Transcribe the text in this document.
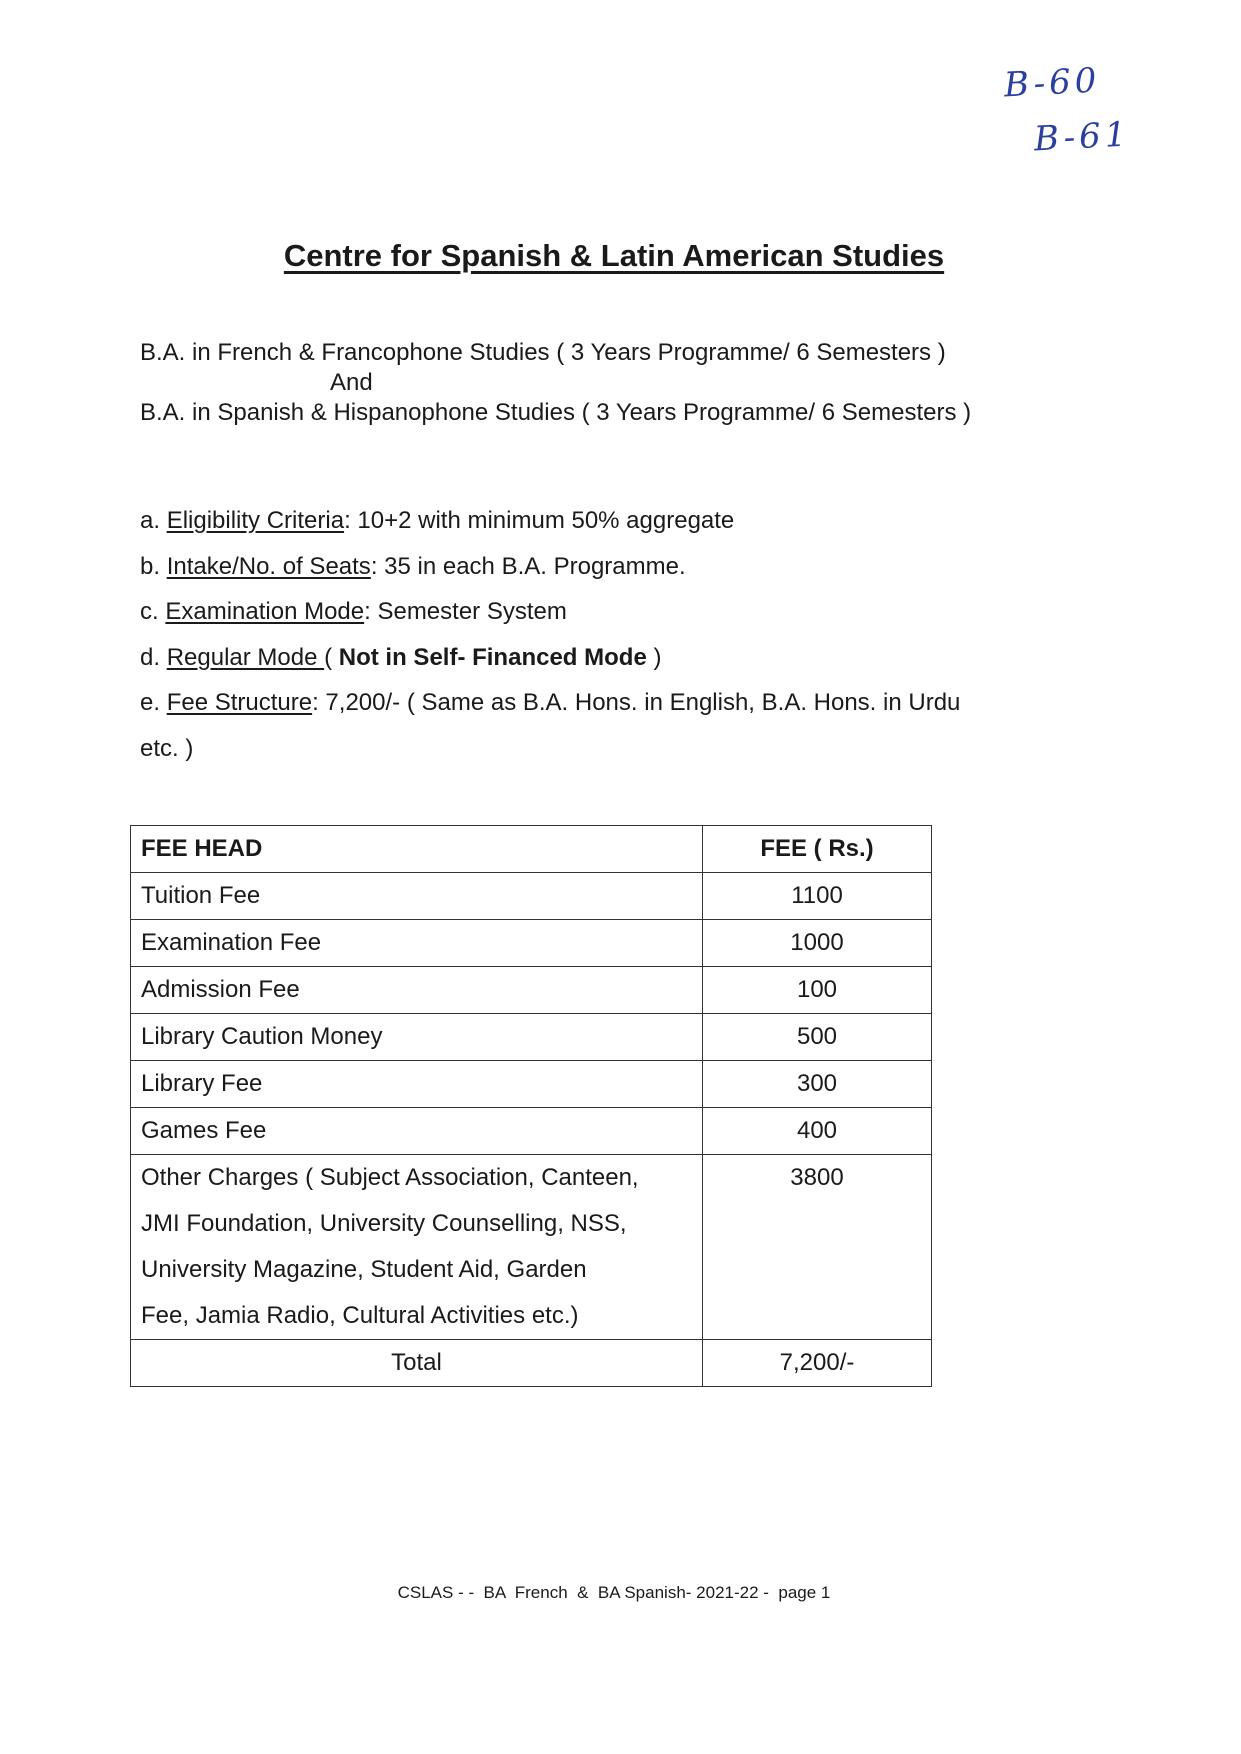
B-60
B-61
Centre for Spanish & Latin American Studies
B.A. in French & Francophone Studies ( 3 Years Programme/ 6 Semesters )
And
B.A. in Spanish & Hispanophone Studies ( 3 Years Programme/ 6 Semesters )
a. Eligibility Criteria: 10+2 with minimum 50% aggregate
b. Intake/No. of Seats: 35 in each B.A. Programme.
c. Examination Mode: Semester System
d. Regular Mode ( Not in Self- Financed Mode )
e. Fee Structure: 7,200/- ( Same as B.A. Hons. in English, B.A. Hons. in Urdu
etc. )
FEE HEAD	FEE ( Rs.)
Tuition Fee	1100
Examination Fee	1000
Admission Fee	100
Library Caution Money	500
Library Fee	300
Games Fee	400

Other Charges ( Subject Association, Canteen,
JMI Foundation, University Counselling, NSS,
University Magazine, Student Aid, Garden
Fee, Jamia Radio, Cultural Activities etc.)	3800
Total	7,200/-
CSLAS - -  BA  French  &  BA Spanish- 2021-22 -  page 1
